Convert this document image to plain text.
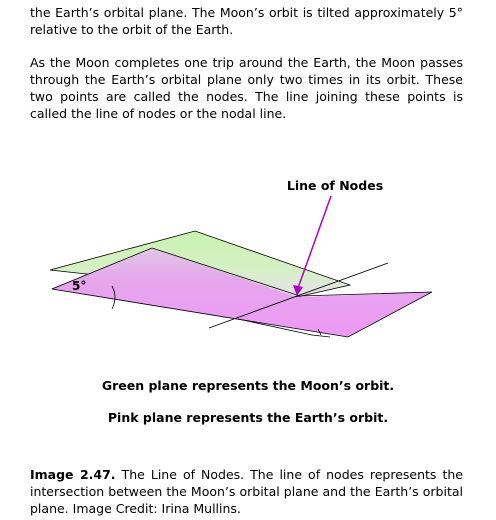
the Earth’s orbital plane. The Moon’s orbit is tilted approximately 5° relative to the orbit of the Earth.

As the Moon completes one trip around the Earth, the Moon passes through the Earth’s orbital plane only two times in its orbit. These two points are called the nodes. The line joining these points is called the line of nodes or the nodal line.

5°
Line of Nodes

Green plane represents the Moon’s orbit.

Pink plane represents the Earth’s orbit.

Image 2.47. The Line of Nodes. The line of nodes represents the intersection between the Moon’s orbital plane and the Earth’s orbital plane. Image Credit: Irina Mullins.
